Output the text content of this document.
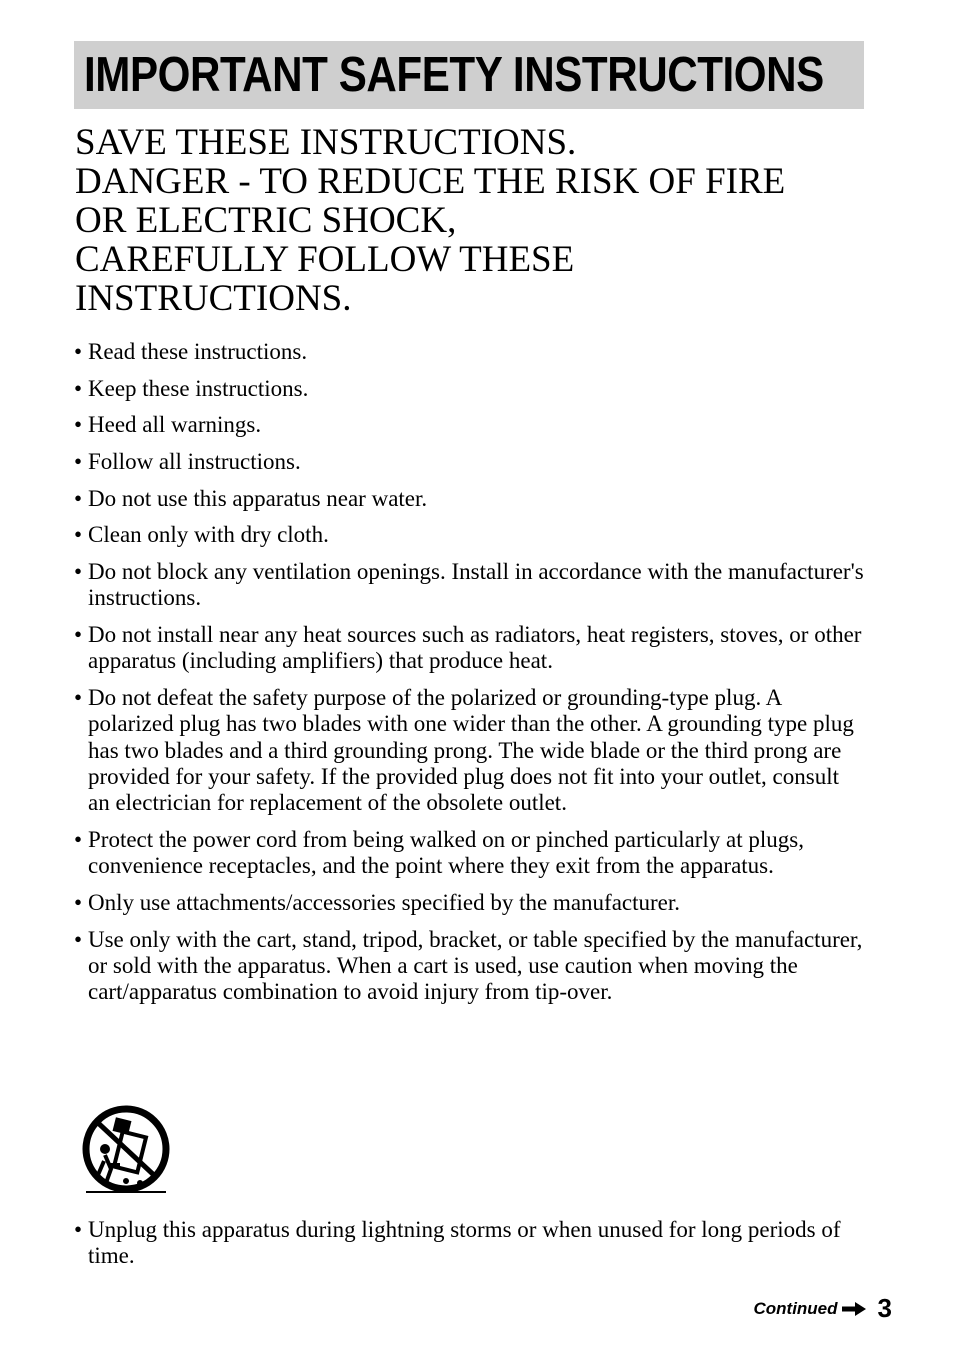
IMPORTANT SAFETY INSTRUCTIONS
SAVE THESE INSTRUCTIONS.
DANGER - TO REDUCE THE RISK OF FIRE
OR ELECTRIC SHOCK,
CAREFULLY FOLLOW THESE
INSTRUCTIONS.
• Read these instructions.
• Keep these instructions.
• Heed all warnings.
• Follow all instructions.
• Do not use this apparatus near water.
• Clean only with dry cloth.
• Do not block any ventilation openings. Install in accordance with the manufacturer's instructions.
• Do not install near any heat sources such as radiators, heat registers, stoves, or other apparatus (including amplifiers) that produce heat.
• Do not defeat the safety purpose of the polarized or grounding-type plug. A polarized plug has two blades with one wider than the other. A grounding type plug has two blades and a third grounding prong. The wide blade or the third prong are provided for your safety. If the provided plug does not fit into your outlet, consult an electrician for replacement of the obsolete outlet.
• Protect the power cord from being walked on or pinched particularly at plugs, convenience receptacles, and the point where they exit from the apparatus.
• Only use attachments/accessories specified by the manufacturer.
• Use only with the cart, stand, tripod, bracket, or table specified by the manufacturer, or sold with the apparatus. When a cart is used, use caution when moving the cart/apparatus combination to avoid injury from tip-over.
• Unplug this apparatus during lightning storms or when unused for long periods of time.
Continued 3
